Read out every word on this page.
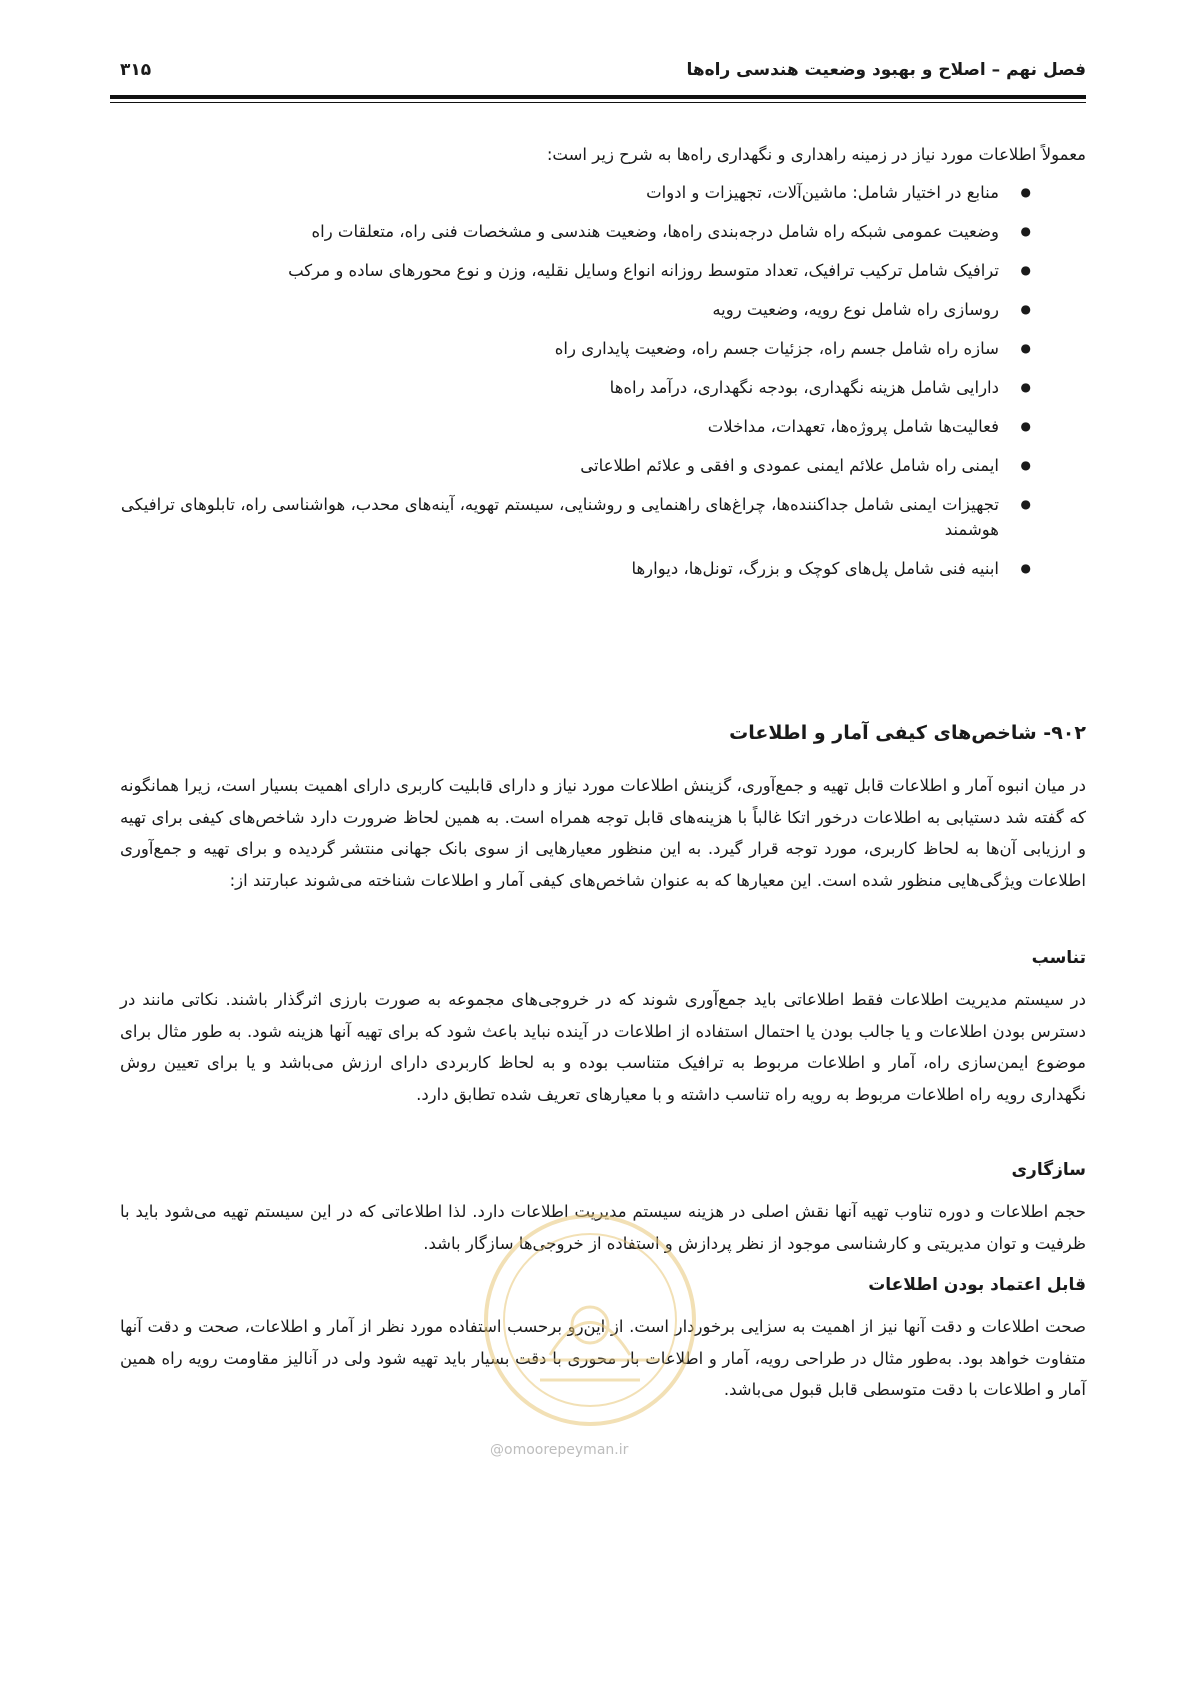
فصل نهم – اصلاح و بهبود وضعیت هندسی راه‌ها
۳۱۵
معمولاً اطلاعات مورد نیاز در زمینه راهداری و نگهداری راه‌ها به شرح زیر است:
● منابع در اختیار شامل: ماشین‌آلات، تجهیزات و ادوات
● وضعیت عمومی شبکه راه شامل درجه‌بندی راه‌ها، وضعیت هندسی و مشخصات فنی راه، متعلقات راه
● ترافیک شامل ترکیب ترافیک، تعداد متوسط روزانه انواع وسایل نقلیه، وزن و نوع محورهای ساده و مرکب
● روسازی راه شامل نوع رویه، وضعیت رویه
● سازه راه شامل جسم راه، جزئیات جسم راه، وضعیت پایداری راه
● دارایی شامل هزینه نگهداری، بودجه نگهداری، درآمد راه‌ها
● فعالیت‌ها شامل پروژه‌ها، تعهدات، مداخلات
● ایمنی راه شامل علائم ایمنی عمودی و افقی و علائم اطلاعاتی
● تجهیزات ایمنی شامل جداکننده‌ها، چراغ‌های راهنمایی و روشنایی، سیستم تهویه، آینه‌های محدب، هواشناسی راه، تابلوهای ترافیکی هوشمند
● ابنیه فنی شامل پل‌های کوچک و بزرگ، تونل‌ها، دیوارها
۹۰۲- شاخص‌های کیفی آمار و اطلاعات

در میان انبوه آمار و اطلاعات قابل تهیه و جمع‌آوری، گزینش اطلاعات مورد نیاز و دارای قابلیت کاربری دارای اهمیت بسیار است، زیرا همانگونه که گفته شد دستیابی به اطلاعات درخور اتکا غالباً با هزینه‌های قابل توجه همراه است. به همین لحاظ ضرورت دارد شاخص‌های کیفی برای تهیه و ارزیابی آن‌ها به لحاظ کاربری، مورد توجه قرار گیرد. به این منظور معیارهایی از سوی بانک جهانی منتشر گردیده و برای تهیه و جمع‌آوری اطلاعات ویژگی‌هایی منظور شده است. این معیارها که به عنوان شاخص‌های کیفی آمار و اطلاعات شناخته می‌شوند عبارتند از:

تناسب

در سیستم مدیریت اطلاعات فقط اطلاعاتی باید جمع‌آوری شوند که در خروجی‌های مجموعه به صورت بارزی اثرگذار باشند. نکاتی مانند در دسترس بودن اطلاعات و یا جالب بودن یا احتمال استفاده از اطلاعات در آینده نباید باعث شود که برای تهیه آنها هزینه شود. به طور مثال برای موضوع ایمن‌سازی راه، آمار و اطلاعات مربوط به ترافیک متناسب بوده و به لحاظ کاربردی دارای ارزش می‌باشد و یا برای تعیین روش نگهداری رویه راه اطلاعات مربوط به رویه راه تناسب داشته و با معیارهای تعریف شده تطابق دارد.

سازگاری

حجم اطلاعات و دوره تناوب تهیه آنها نقش اصلی در هزینه سیستم مدیریت اطلاعات دارد. لذا اطلاعاتی که در این سیستم تهیه می‌شود باید با ظرفیت و توان مدیریتی و کارشناسی موجود از نظر پردازش و استفاده از خروجی‌ها سازگار باشد.

قابل اعتماد بودن اطلاعات

صحت اطلاعات و دقت آنها نیز از اهمیت به سزایی برخوردار است. از این‌رو برحسب استفاده مورد نظر از آمار و اطلاعات، صحت و دقت آنها متفاوت خواهد بود. به‌طور مثال در طراحی رویه، آمار و اطلاعات بار محوری با دقت بسیار باید تهیه شود ولی در آنالیز مقاومت رویه راه همین آمار و اطلاعات با دقت متوسطی قابل قبول می‌باشد.

@omoorepeyman.ir
